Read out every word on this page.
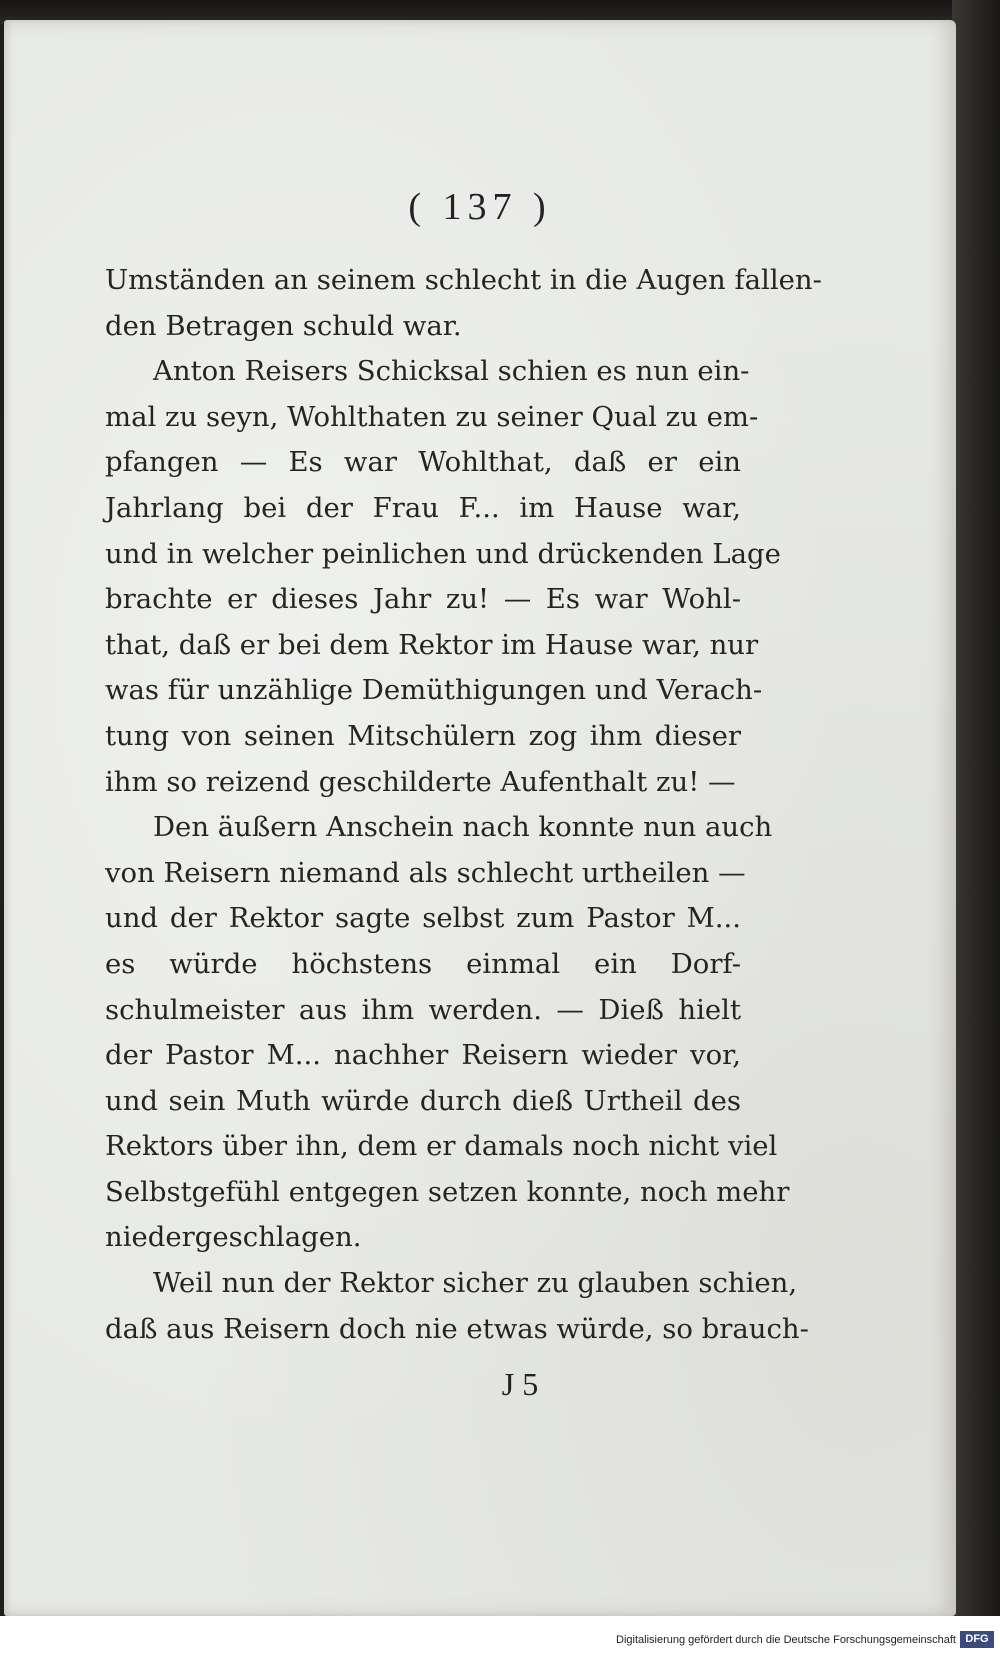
( 137 )
Umständen an seinem schlecht in die Augen fallen-
den Betragen schuld war.
Anton Reisers Schicksal schien es nun ein-
mal zu seyn, Wohlthaten zu seiner Qual zu em-
pfangen — Es war Wohlthat, daß er ein
Jahrlang bei der Frau F... im Hause war,
und in welcher peinlichen und drückenden Lage
brachte er dieses Jahr zu! — Es war Wohl-
that, daß er bei dem Rektor im Hause war, nur
was für unzählige Demüthigungen und Verach-
tung von seinen Mitschülern zog ihm dieser
ihm so reizend geschilderte Aufenthalt zu! —
Den äußern Anschein nach konnte nun auch
von Reisern niemand als schlecht urtheilen —
und der Rektor sagte selbst zum Pastor M...
es würde höchstens einmal ein Dorf-
schulmeister aus ihm werden. — Dieß hielt
der Pastor M... nachher Reisern wieder vor,
und sein Muth würde durch dieß Urtheil des
Rektors über ihn, dem er damals noch nicht viel
Selbstgefühl entgegen setzen konnte, noch mehr
niedergeschlagen.
Weil nun der Rektor sicher zu glauben schien,
daß aus Reisern doch nie etwas würde, so brauch-
J 5
Digitalisierung gefördert durch die Deutsche Forschungsgemeinschaft DFG
